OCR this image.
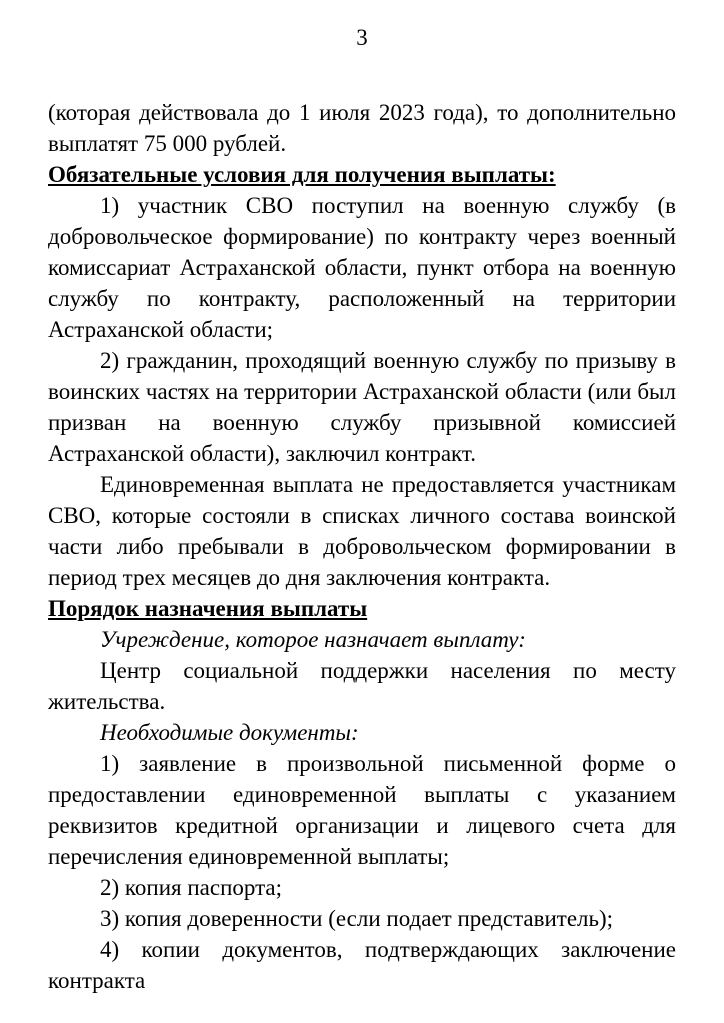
3

(которая действовала до 1 июля 2023 года), то дополнительно выплатят 75 000 рублей.

Обязательные условия для получения выплаты:

1) участник СВО поступил на военную службу (в добровольческое формирование) по контракту через военный комиссариат Астраханской области, пункт отбора на военную службу по контракту, расположенный на территории Астраханской области;

2) гражданин, проходящий военную службу по призыву в воинских частях на территории Астраханской области (или был призван на военную службу призывной комиссией Астраханской области), заключил контракт.

Единовременная выплата не предоставляется участникам СВО, которые состояли в списках личного состава воинской части либо пребывали в добровольческом формировании в период трех месяцев до дня заключения контракта.

Порядок назначения выплаты

Учреждение, которое назначает выплату:

Центр социальной поддержки населения по месту жительства.

Необходимые документы:

1) заявление в произвольной письменной форме о предоставлении единовременной выплаты с указанием реквизитов кредитной организации и лицевого счета для перечисления единовременной выплаты;

2) копия паспорта;

3) копия доверенности (если подает представитель);

4) копии документов, подтверждающих заключение контракта
